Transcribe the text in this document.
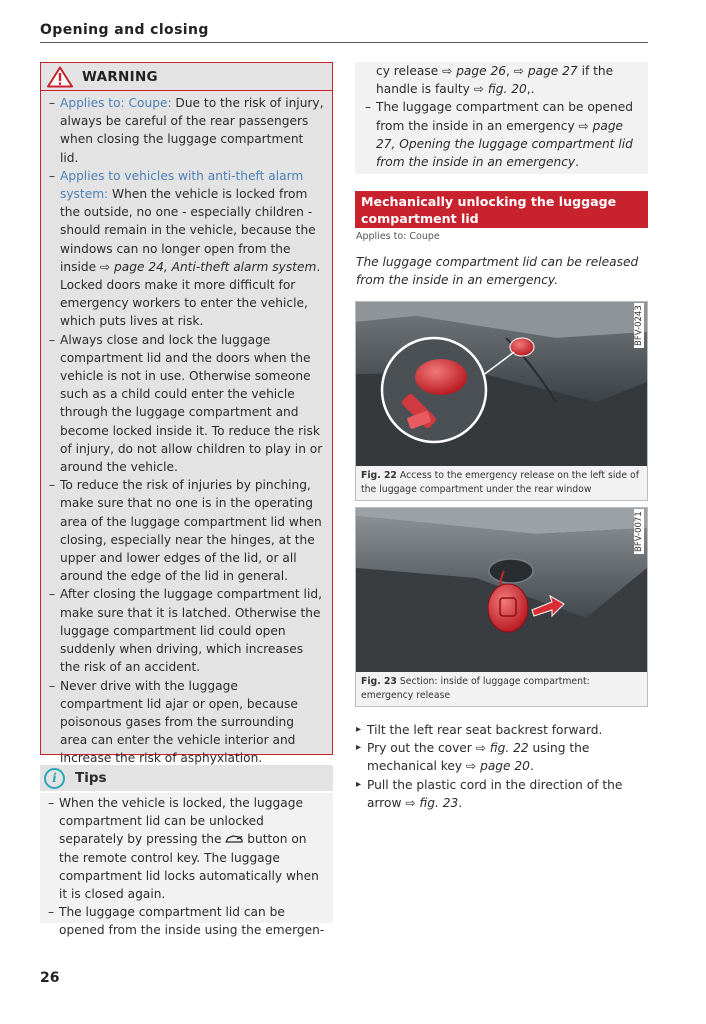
Opening and closing
WARNING
– Applies to: Coupe: Due to the risk of injury, always be careful of the rear passengers when closing the luggage compartment lid.
– Applies to vehicles with anti-theft alarm system: When the vehicle is locked from the outside, no one - especially children - should remain in the vehicle, because the windows can no longer open from the inside ⇨ page 24, Anti-theft alarm system. Locked doors make it more difficult for emergency workers to enter the vehicle, which puts lives at risk.
– Always close and lock the luggage compartment lid and the doors when the vehicle is not in use. Otherwise someone such as a child could enter the vehicle through the luggage compartment and become locked inside it. To reduce the risk of injury, do not allow children to play in or around the vehicle.
– To reduce the risk of injuries by pinching, make sure that no one is in the operating area of the luggage compartment lid when closing, especially near the hinges, at the upper and lower edges of the lid, or all around the edge of the lid in general.
– After closing the luggage compartment lid, make sure that it is latched. Otherwise the luggage compartment lid could open suddenly when driving, which increases the risk of an accident.
– Never drive with the luggage compartment lid ajar or open, because poisonous gases from the surrounding area can enter the vehicle interior and increase the risk of asphyxiation.
i	Tips
– When the vehicle is locked, the luggage compartment lid can be unlocked separately by pressing the  button on the remote control key. The luggage compartment lid locks automatically when it is closed again.
– The luggage compartment lid can be opened from the inside using the emergen-
cy release ⇨ page 26, ⇨ page 27 if the handle is faulty ⇨ fig. 20,.
– The luggage compartment can be opened from the inside in an emergency ⇨ page 27, Opening the luggage compartment lid from the inside in an emergency.
Mechanically unlocking the luggage compartment lid
Applies to: Coupe
The luggage compartment lid can be released from the inside in an emergency.
BFV-0243
Fig. 22 Access to the emergency release on the left side of the luggage compartment under the rear window
BFV-0071
Fig. 23 Section: inside of luggage compartment: emergency release
▸ Tilt the left rear seat backrest forward.
▸ Pry out the cover ⇨ fig. 22 using the mechanical key ⇨ page 20.
▸ Pull the plastic cord in the direction of the arrow ⇨ fig. 23.
26
